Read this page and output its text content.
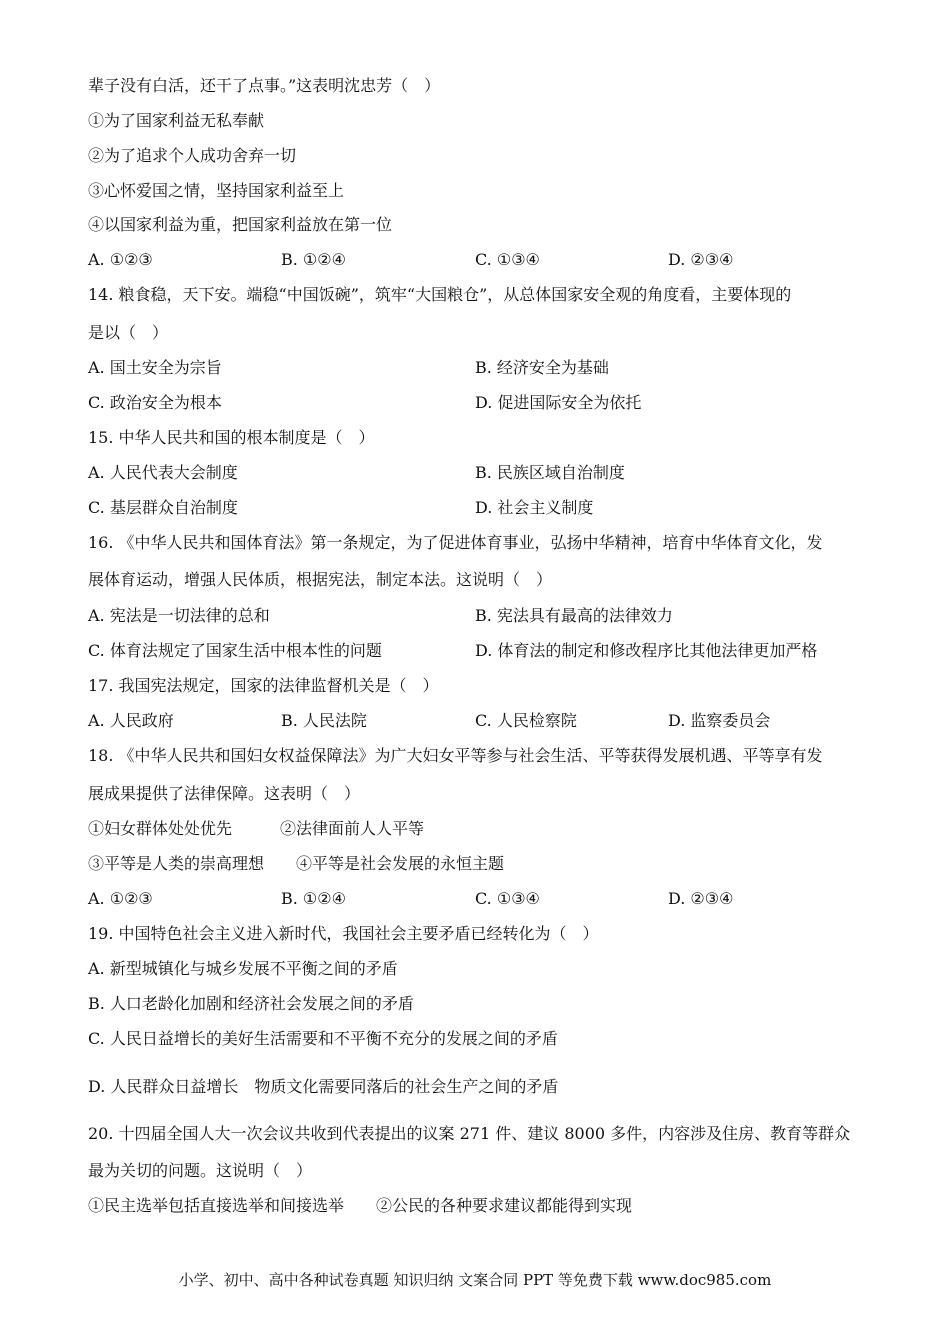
辈子没有白活，还干了点事。”这表明沈忠芳（　）
①为了国家利益无私奉献
②为了追求个人成功舍弃一切
③心怀爱国之情，坚持国家利益至上
④以国家利益为重，把国家利益放在第一位
A. ①②③	B. ①②④	C. ①③④	D. ②③④
14. 粮食稳，天下安。端稳“中国饭碗”，筑牢“大国粮仓”，从总体国家安全观的角度看，主要体现的
是以（　）
A. 国土安全为宗旨	B. 经济安全为基础
C. 政治安全为根本	D. 促进国际安全为依托
15. 中华人民共和国的根本制度是（　）
A. 人民代表大会制度	B. 民族区域自治制度
C. 基层群众自治制度	D. 社会主义制度
16. 《中华人民共和国体育法》第一条规定，为了促进体育事业，弘扬中华精神，培育中华体育文化，发
展体育运动，增强人民体质，根据宪法，制定本法。这说明（　）
A. 宪法是一切法律的总和	B. 宪法具有最高的法律效力
C. 体育法规定了国家生活中根本性的问题	D. 体育法的制定和修改程序比其他法律更加严格
17. 我国宪法规定，国家的法律监督机关是（　）
A. 人民政府	B. 人民法院	C. 人民检察院	D. 监察委员会
18. 《中华人民共和国妇女权益保障法》为广大妇女平等参与社会生活、平等获得发展机遇、平等享有发
展成果提供了法律保障。这表明（　）
①妇女群体处处优先　　　②法律面前人人平等
③平等是人类的崇高理想　　④平等是社会发展的永恒主题
A. ①②③	B. ①②④	C. ①③④	D. ②③④
19. 中国特色社会主义进入新时代，我国社会主要矛盾已经转化为（　）
A. 新型城镇化与城乡发展不平衡之间的矛盾
B. 人口老龄化加剧和经济社会发展之间的矛盾
C. 人民日益增长的美好生活需要和不平衡不充分的发展之间的矛盾
D. 人民群众日益增长　物质文化需要同落后的社会生产之间的矛盾
20. 十四届全国人大一次会议共收到代表提出的议案 271 件、建议 8000 多件，内容涉及住房、教育等群众
最为关切的问题。这说明（　）
①民主选举包括直接选举和间接选举　　②公民的各种要求建议都能得到实现
小学、初中、高中各种试卷真题 知识归纳 文案合同 PPT 等免费下载 www.doc985.com
